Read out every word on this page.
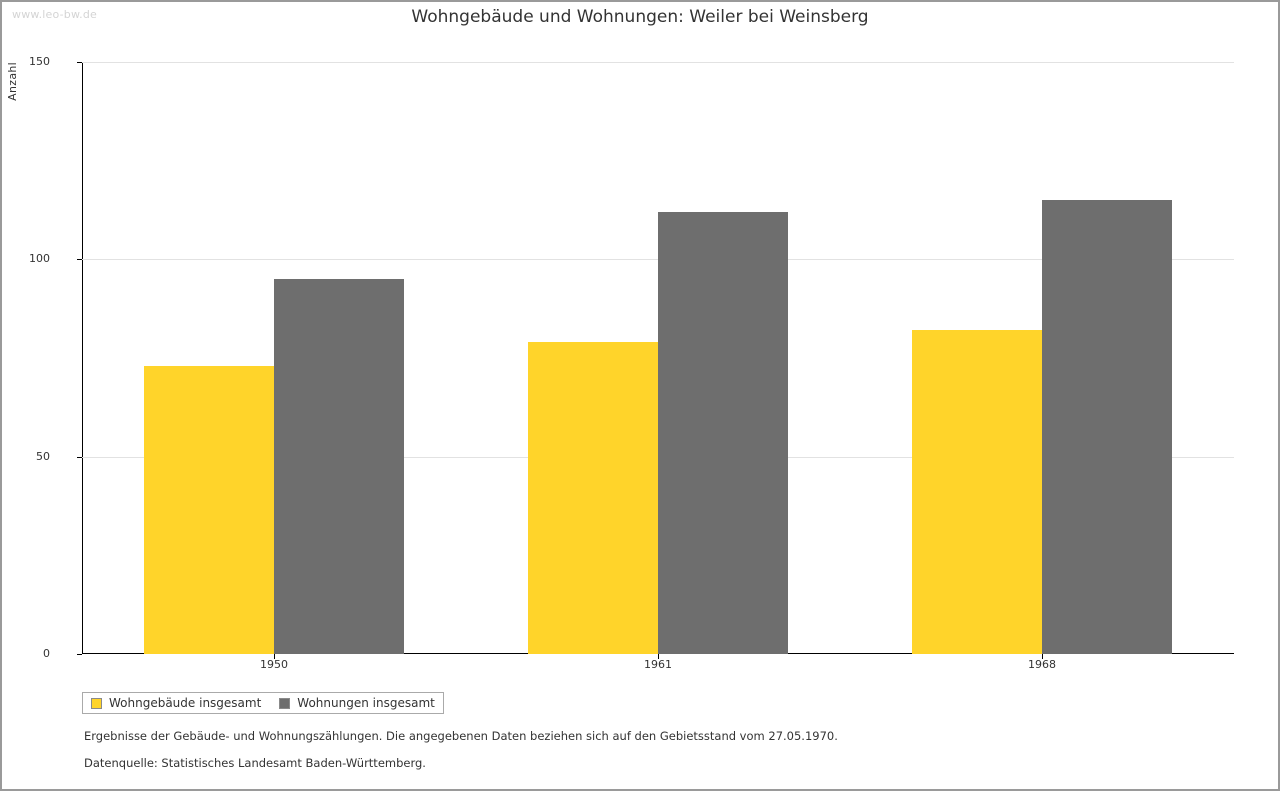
www.leo-bw.de	Wohngebäude und Wohnungen: Weiler bei Weinsberg
Anzahl
0
50
100
150
1950	1961	1968
Wohngebäude insgesamt	Wohnungen insgesamt
Ergebnisse der Gebäude- und Wohnungszählungen. Die angegebenen Daten beziehen sich auf den Gebietsstand vom 27.05.1970.
Datenquelle: Statistisches Landesamt Baden-Württemberg.
